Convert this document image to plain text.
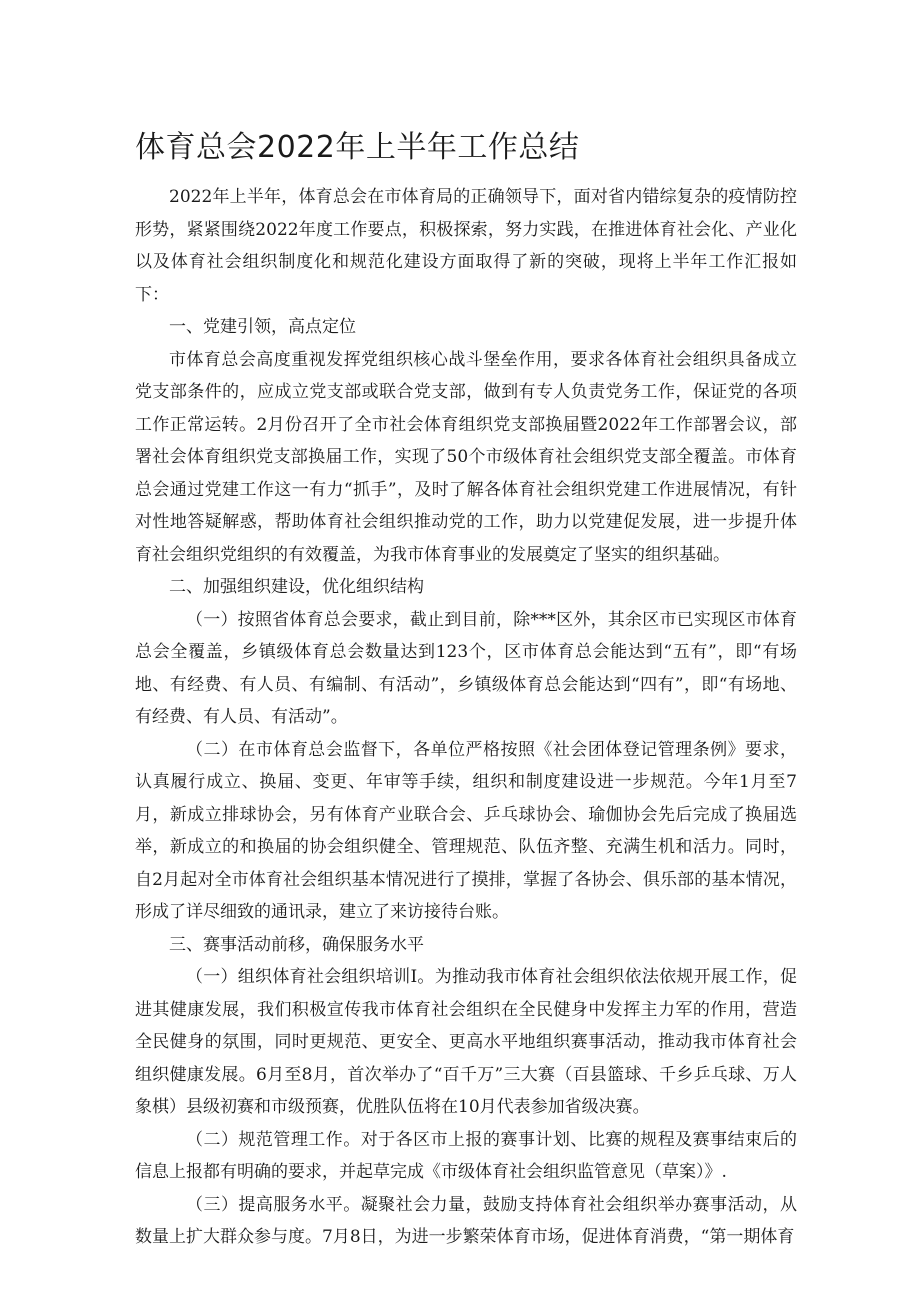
体育总会2022年上半年工作总结

2022年上半年，体育总会在市体育局的正确领导下，面对省内错综复杂的疫情防控形势，紧紧围绕2022年度工作要点，积极探索，努力实践，在推进体育社会化、产业化以及体育社会组织制度化和规范化建设方面取得了新的突破，现将上半年工作汇报如下：

一、党建引领，高点定位

市体育总会高度重视发挥党组织核心战斗堡垒作用，要求各体育社会组织具备成立党支部条件的，应成立党支部或联合党支部，做到有专人负责党务工作，保证党的各项工作正常运转。2月份召开了全市社会体育组织党支部换届暨2022年工作部署会议，部署社会体育组织党支部换届工作，实现了50个市级体育社会组织党支部全覆盖。市体育总会通过党建工作这一有力“抓手”，及时了解各体育社会组织党建工作进展情况，有针对性地答疑解惑，帮助体育社会组织推动党的工作，助力以党建促发展，进一步提升体育社会组织党组织的有效覆盖，为我市体育事业的发展奠定了坚实的组织基础。

二、加强组织建设，优化组织结构

（一）按照省体育总会要求，截止到目前，除***区外，其余区市已实现区市体育总会全覆盖，乡镇级体育总会数量达到123个，区市体育总会能达到“五有”，即“有场地、有经费、有人员、有编制、有活动”，乡镇级体育总会能达到“四有”，即“有场地、有经费、有人员、有活动”。

（二）在市体育总会监督下，各单位严格按照《社会团体登记管理条例》要求，认真履行成立、换届、变更、年审等手续，组织和制度建设进一步规范。今年1月至7月，新成立排球协会，另有体育产业联合会、乒乓球协会、瑜伽协会先后完成了换届选举，新成立的和换届的协会组织健全、管理规范、队伍齐整、充满生机和活力。同时，自2月起对全市体育社会组织基本情况进行了摸排，掌握了各协会、俱乐部的基本情况，形成了详尽细致的通讯录，建立了来访接待台账。

三、赛事活动前移，确保服务水平

（一）组织体育社会组织培训I。为推动我市体育社会组织依法依规开展工作，促进其健康发展，我们积极宣传我市体育社会组织在全民健身中发挥主力军的作用，营造全民健身的氛围，同时更规范、更安全、更高水平地组织赛事活动，推动我市体育社会组织健康发展。6月至8月，首次举办了“百千万”三大赛（百县篮球、千乡乒乓球、万人象棋）县级初赛和市级预赛，优胜队伍将在10月代表参加省级决赛。

（二）规范管理工作。对于各区市上报的赛事计划、比赛的规程及赛事结束后的信息上报都有明确的要求，并起草完成《市级体育社会组织监管意见（草案）》.

（三）提高服务水平。凝聚社会力量，鼓励支持体育社会组织举办赛事活动，从数量上扩大群众参与度。7月8日，为进一步繁荣体育市场，促进体育消费，“第一期体育
